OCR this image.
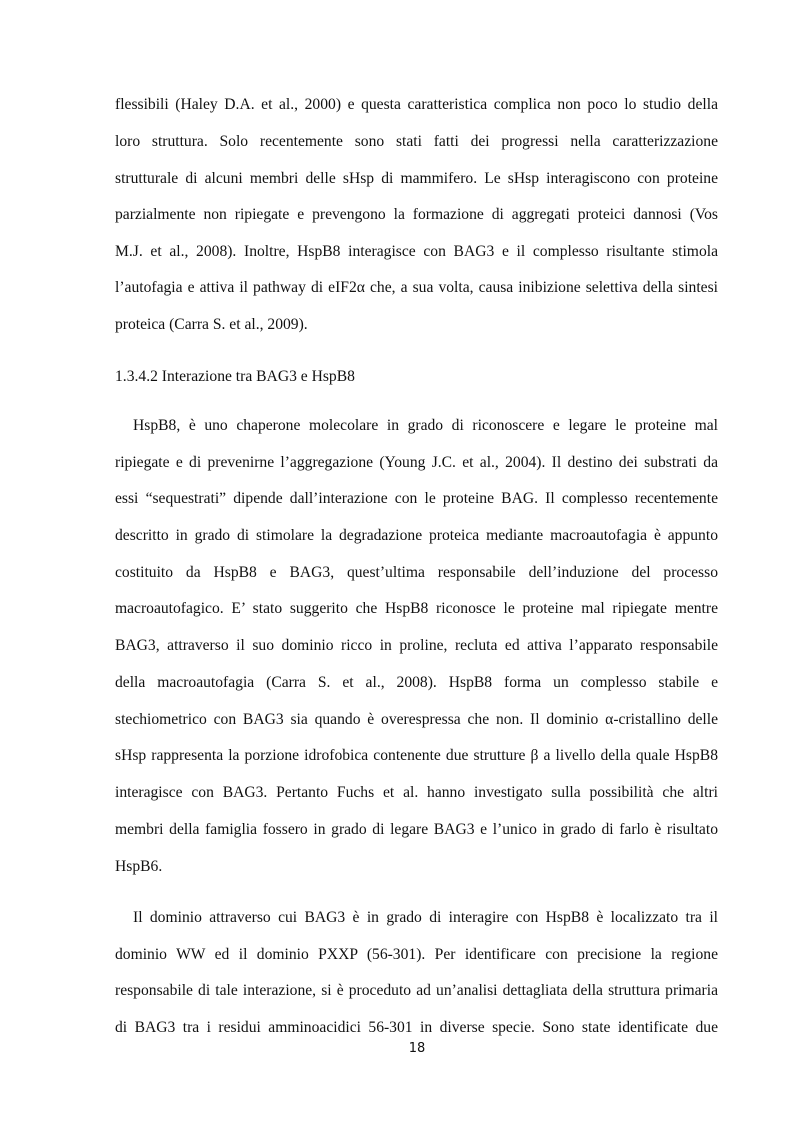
flessibili (Haley D.A. et al., 2000) e questa caratteristica complica non poco lo studio della
loro struttura. Solo recentemente sono stati fatti dei progressi nella caratterizzazione
strutturale di alcuni membri delle sHsp di mammifero. Le sHsp interagiscono con proteine
parzialmente non ripiegate e prevengono la formazione di aggregati proteici dannosi (Vos
M.J. et al., 2008). Inoltre, HspB8 interagisce con BAG3 e il complesso risultante stimola
l’autofagia e attiva il pathway di eIF2α che, a sua volta, causa inibizione selettiva della sintesi
proteica (Carra S. et al., 2009).
1.3.4.2 Interazione tra BAG3 e HspB8
HspB8, è uno chaperone molecolare in grado di riconoscere e legare le proteine mal
ripiegate e di prevenirne l’aggregazione (Young J.C. et al., 2004). Il destino dei substrati da
essi “sequestrati” dipende dall’interazione con le proteine BAG. Il complesso recentemente
descritto in grado di stimolare la degradazione proteica mediante macroautofagia è appunto
costituito da HspB8 e BAG3, quest’ultima responsabile dell’induzione del processo
macroautofagico. E’ stato suggerito che HspB8 riconosce le proteine mal ripiegate mentre
BAG3, attraverso il suo dominio ricco in proline, recluta ed attiva l’apparato responsabile
della macroautofagia (Carra S. et al., 2008). HspB8 forma un complesso stabile e
stechiometrico con BAG3 sia quando è overespressa che non. Il dominio α-cristallino delle
sHsp rappresenta la porzione idrofobica contenente due strutture β a livello della quale HspB8
interagisce con BAG3. Pertanto Fuchs et al. hanno investigato sulla possibilità che altri
membri della famiglia fossero in grado di legare BAG3 e l’unico in grado di farlo è risultato
HspB6.
Il dominio attraverso cui BAG3 è in grado di interagire con HspB8 è localizzato tra il
dominio WW ed il dominio PXXP (56-301). Per identificare con precisione la regione
responsabile di tale interazione, si è proceduto ad un’analisi dettagliata della struttura primaria
di BAG3 tra i residui amminoacidici 56-301 in diverse specie. Sono state identificate due
18
